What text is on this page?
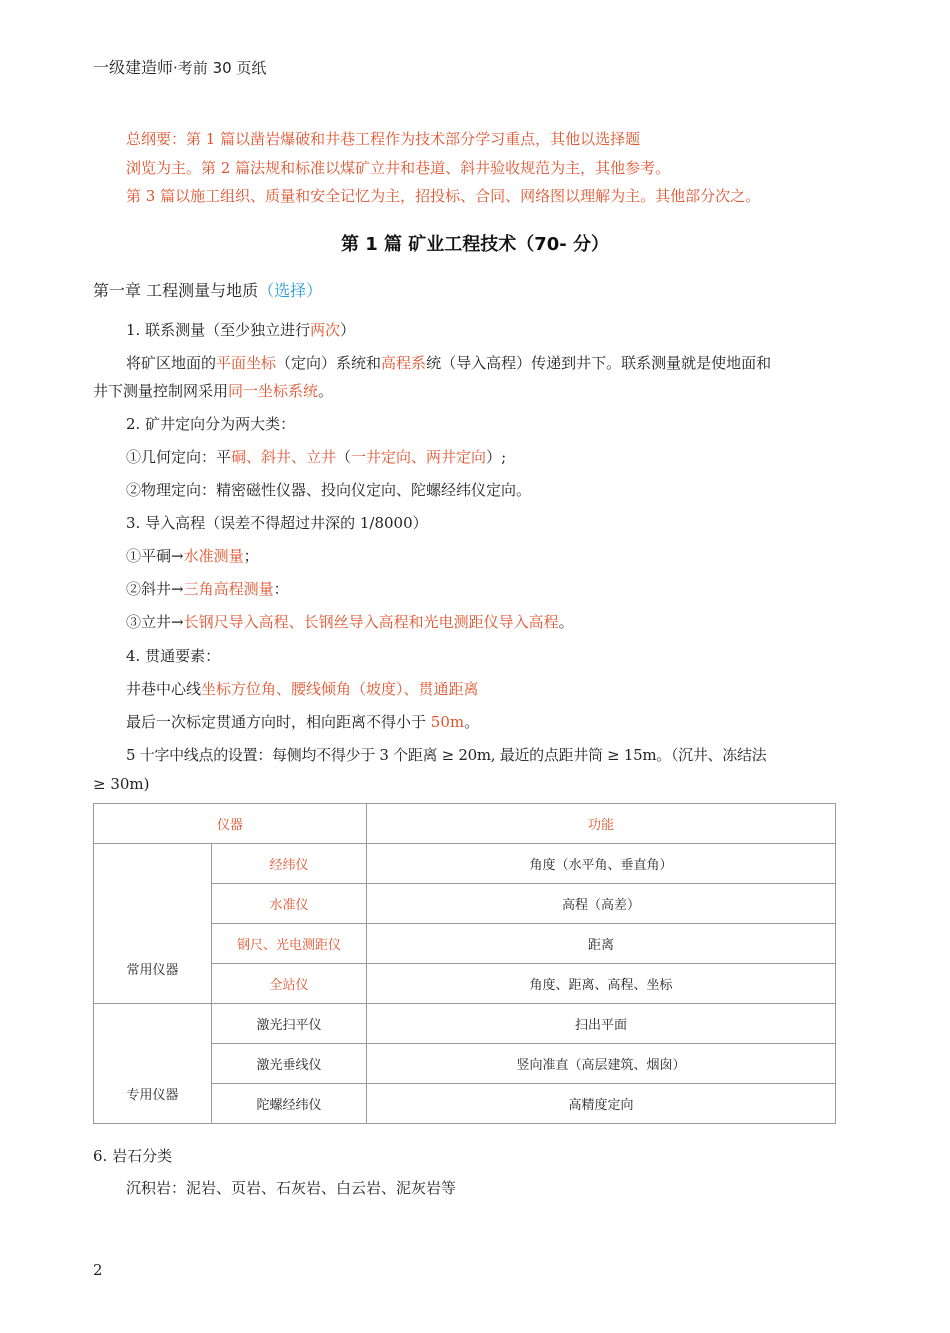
一级建造师·考前 30 页纸
总纲要：第 1 篇以凿岩爆破和井巷工程作为技术部分学习重点，其他以选择题
浏览为主。第 2 篇法规和标准以煤矿立井和巷道、斜井验收规范为主，其他参考。
第 3 篇以施工组织、质量和安全记忆为主，招投标、合同、网络图以理解为主。其他部分次之。
第 1 篇 矿业工程技术（70- 分）
第一章 工程测量与地质（选择）
1. 联系测量（至少独立进行两次）
将矿区地面的平面坐标（定向）系统和高程系统（导入高程）传递到井下。联系测量就是使地面和
井下测量控制网采用同一坐标系统。
2. 矿井定向分为两大类：
①几何定向：平硐、斜井、立井（一井定向、两井定向）;
②物理定向：精密磁性仪器、投向仪定向、陀螺经纬仪定向。
3. 导入高程（误差不得超过井深的 1/8000）
①平硐→水准测量；
②斜井→三角高程测量：
③立井→长钢尺导入高程、长钢丝导入高程和光电测距仪导入高程。
4. 贯通要素：
井巷中心线坐标方位角、腰线倾角（坡度）、贯通距离
最后一次标定贯通方向时，相向距离不得小于 50m。
5 十字中线点的设置：每侧均不得少于 3 个距离 ≥ 20m, 最近的点距井筒 ≥ 15m。（沉井、冻结法
≥ 30m)
仪器		功能
常用仪器	经纬仪	角度（水平角、垂直角）
	水准仪	高程（高差）
	钢尺、光电测距仪	距离
	全站仪	角度、距离、高程、坐标
专用仪器	激光扫平仪	扫出平面
	激光垂线仪	竖向准直（高层建筑、烟囱）
	陀螺经纬仪	高精度定向
6. 岩石分类
沉积岩：泥岩、页岩、石灰岩、白云岩、泥灰岩等
2
